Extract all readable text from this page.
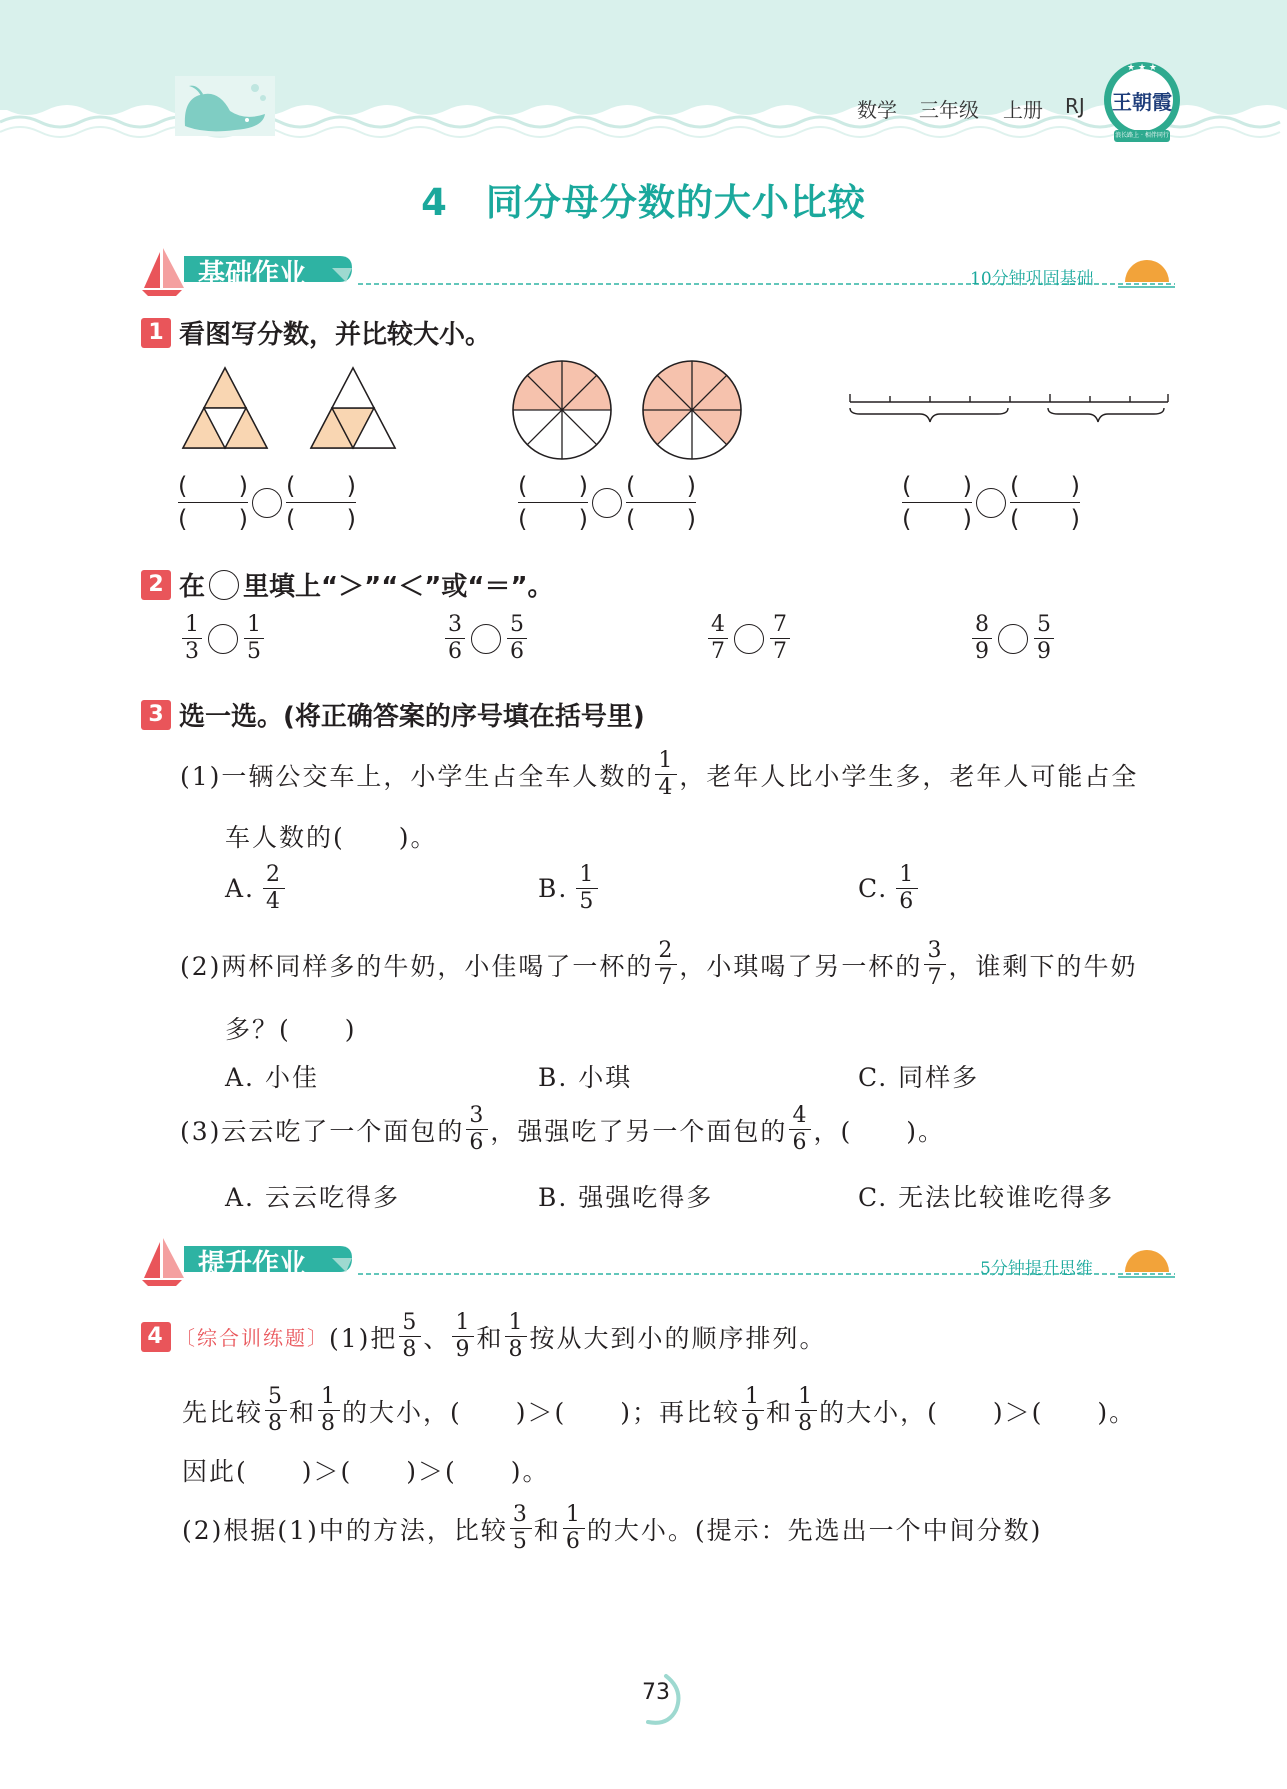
数学 三年级 上册 RJ
★ ★ ★
王朝霞
浪长路上 · 相伴同行
4　同分母分数的大小比较
基础作业	10分钟巩固基础
1 看图写分数，并比较大小。
$\frac{( )}{( )} \frac{( )}{( )}$	$\frac{( )}{( )} \frac{( )}{( )}$	$\frac{( )}{( )} \frac{( )}{( )}$
2 在 里填上“＞”“＜”或“＝”。
$\frac{1}{3} \frac{1}{5}$	$\frac{3}{6} \frac{5}{6}$	$\frac{4}{7} \frac{7}{7}$	$\frac{8}{9} \frac{5}{9}$
3 选一选。(将正确答案的序号填在括号里)
(1)一辆公交车上，小学生占全车人数的 $\frac{1}{4}$ ，老年人比小学生多，老年人可能占全
车人数的(　　)。
A. $\frac{2}{4}$	B. $\frac{1}{5}$	C. $\frac{1}{6}$
(2)两杯同样多的牛奶，小佳喝了一杯的 $\frac{2}{7}$ ，小琪喝了另一杯的 $\frac{3}{7}$ ，谁剩下的牛奶
多？(　　)
A. 小佳	B. 小琪	C. 同样多
(3)云云吃了一个面包的 $\frac{3}{6}$ ，强强吃了另一个面包的 $\frac{4}{6}$ ，(　　)。
A. 云云吃得多	B. 强强吃得多	C. 无法比较谁吃得多
提升作业	5分钟提升思维
4 〔综合训练题〕 (1)把 $\frac{5}{8}$ 、 $\frac{1}{9}$ 和 $\frac{1}{8}$ 按从大到小的顺序排列。
先比较 $\frac{5}{8}$ 和 $\frac{1}{8}$ 的大小，(　　)＞(　　)；再比较 $\frac{1}{9}$ 和 $\frac{1}{8}$ 的大小，(　　)＞(　　)。
因此(　　)＞(　　)＞(　　)。
(2)根据(1)中的方法，比较 $\frac{3}{5}$ 和 $\frac{1}{6}$ 的大小。(提示：先选出一个中间分数)
73
